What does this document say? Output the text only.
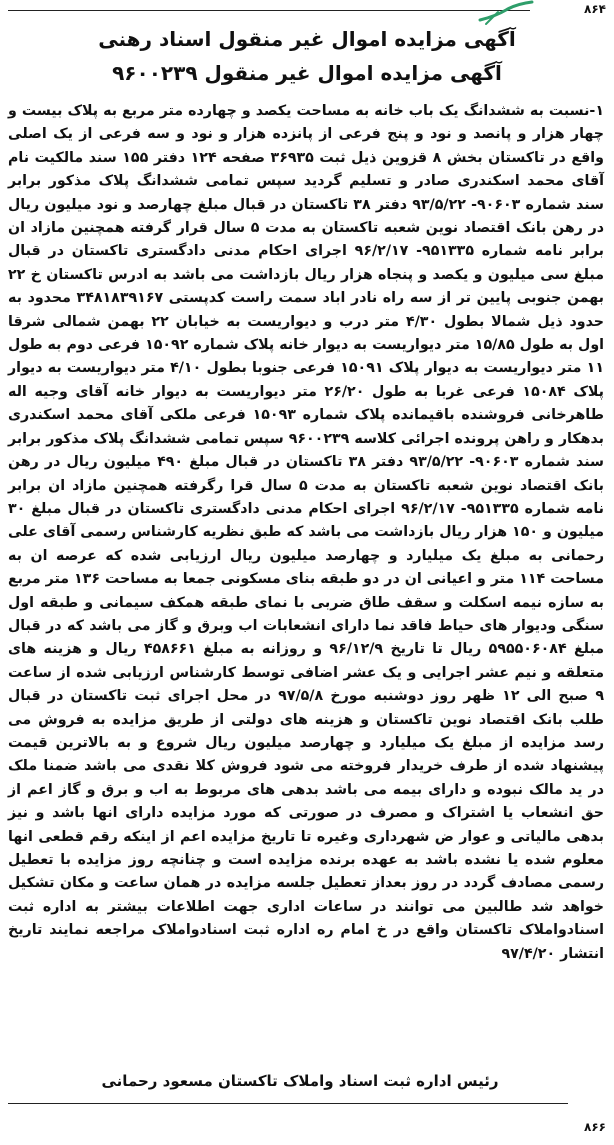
۸۶۴
آگهی مزایده اموال غیر منقول اسناد رهنی
آگهی مزایده اموال غیر منقول ۹۶۰۰۲۳۹
۱-نسبت به ششدانگ یک باب خانه به مساحت یکصد و چهارده متر مربع به پلاک بیست و چهار هزار و پانصد و نود و پنج فرعی از پانزده هزار و نود و سه فرعی از یک اصلی واقع در تاکستان بخش ۸ قزوین ذیل ثبت ۳۶۹۳۵ صفحه ۱۲۴ دفتر ۱۵۵ سند مالکیت نام آقای محمد اسکندری صادر و تسلیم گردید سپس تمامی ششدانگ پلاک مذکور برابر سند شماره ۹۰۶۰۳- ۹۳/۵/۲۲ دفتر ۳۸ تاکستان در قبال مبلغ چهارصد و نود میلیون ریال در رهن بانک اقتصاد نوین شعبه تاکستان به مدت ۵ سال قرار گرفته همچنین مازاد ان برابر نامه شماره ۹۵۱۳۳۵- ۹۶/۲/۱۷ اجرای احکام مدنی دادگستری تاکستان در قبال مبلغ سی میلیون و یکصد و پنجاه هزار ریال بازداشت می باشد به ادرس تاکستان خ ۲۲ بهمن جنوبی پایین تر از سه راه نادر اباد سمت راست کدپستی ۳۴۸۱۸۳۹۱۶۷ محدود به حدود ذیل شمالا بطول ۴/۳۰ متر درب و دیواریست به خیابان ۲۲ بهمن شمالی شرقا اول به طول ۱۵/۸۵ متر دیواریست به دیوار خانه پلاک شماره ۱۵۰۹۲ فرعی دوم به طول ۱۱ متر دیواریست به دیوار پلاک ۱۵۰۹۱ فرعی جنوبا بطول ۴/۱۰ متر دیواریست به دیوار پلاک ۱۵۰۸۴ فرعی غربا به طول ۲۶/۲۰ متر دیواریست به دیوار خانه آقای وجیه اله طاهرخانی فروشنده باقیمانده پلاک شماره ۱۵۰۹۳ فرعی ملکی آقای محمد اسکندری بدهکار و راهن پرونده اجرائی کلاسه ۹۶۰۰۲۳۹ سپس تمامی ششدانگ پلاک مذکور برابر سند شماره ۹۰۶۰۳- ۹۳/۵/۲۲ دفتر ۳۸ تاکستان در قبال مبلغ ۴۹۰ میلیون ریال در رهن بانک اقتصاد نوین شعبه تاکستان به مدت ۵ سال قرا رگرفته همچنین مازاد ان برابر نامه شماره ۹۵۱۳۳۵- ۹۶/۲/۱۷ اجرای احکام مدنی دادگستری تاکستان در قبال مبلغ ۳۰ میلیون و ۱۵۰ هزار ریال بازداشت می باشد که طبق نظریه کارشناس رسمی آقای علی رحمانی به مبلغ یک میلیارد و چهارصد میلیون ریال ارزیابی شده که عرصه ان به مساحت ۱۱۴ متر و اعیانی ان در دو طبقه بنای مسکونی جمعا به مساحت ۱۳۶ متر مربع به سازه نیمه اسکلت و سقف طاق ضربی با نمای طبقه همکف سیمانی و طبقه اول سنگی ودیوار های حیاط فاقد نما دارای انشعابات اب وبرق و گاز می باشد که در قبال مبلغ ۵۹۵۵۰۶۰۸۴ ریال تا تاریخ ۹۶/۱۲/۹ و روزانه به مبلغ ۴۵۸۶۶۱ ریال و هزینه های متعلقه و نیم عشر اجرایی و یک عشر اضافی توسط کارشناس ارزیابی شده از ساعت ۹ صبح الی ۱۲ ظهر روز دوشنبه مورخ ۹۷/۵/۸ در محل اجرای ثبت تاکستان در قبال طلب بانک اقتصاد نوین تاکستان و هزینه های دولتی از طریق مزایده به فروش می رسد مزایده از مبلغ یک میلیارد و چهارصد میلیون ریال شروع و به بالاترین قیمت پیشنهاد شده از طرف خریدار فروخته می شود فروش کلا نقدی می باشد ضمنا ملک در ید مالک نبوده و دارای بیمه می باشد بدهی های مربوط به اب و برق و گاز اعم از حق انشعاب یا اشتراک و مصرف در صورتی که مورد مزایده دارای انها باشد و نیز بدهی مالیاتی و عوار ض شهرداری وغیره تا تاریخ مزایده اعم از اینکه رقم قطعی انها معلوم شده یا نشده باشد به عهده برنده مزایده است و چنانچه روز مزایده با تعطیل رسمی مصادف گردد در روز بعداز تعطیل جلسه مزایده در همان ساعت و مکان تشکیل خواهد شد طالبین می توانند در ساعات اداری جهت اطلاعات بیشتر به اداره ثبت اسنادواملاک تاکستان واقع در خ امام ره اداره ثبت اسنادواملاک مراجعه نمایند تاریخ انتشار ۹۷/۴/۲۰
رئیس اداره ثبت اسناد واملاک تاکستان مسعود رحمانی
۸۶۶
